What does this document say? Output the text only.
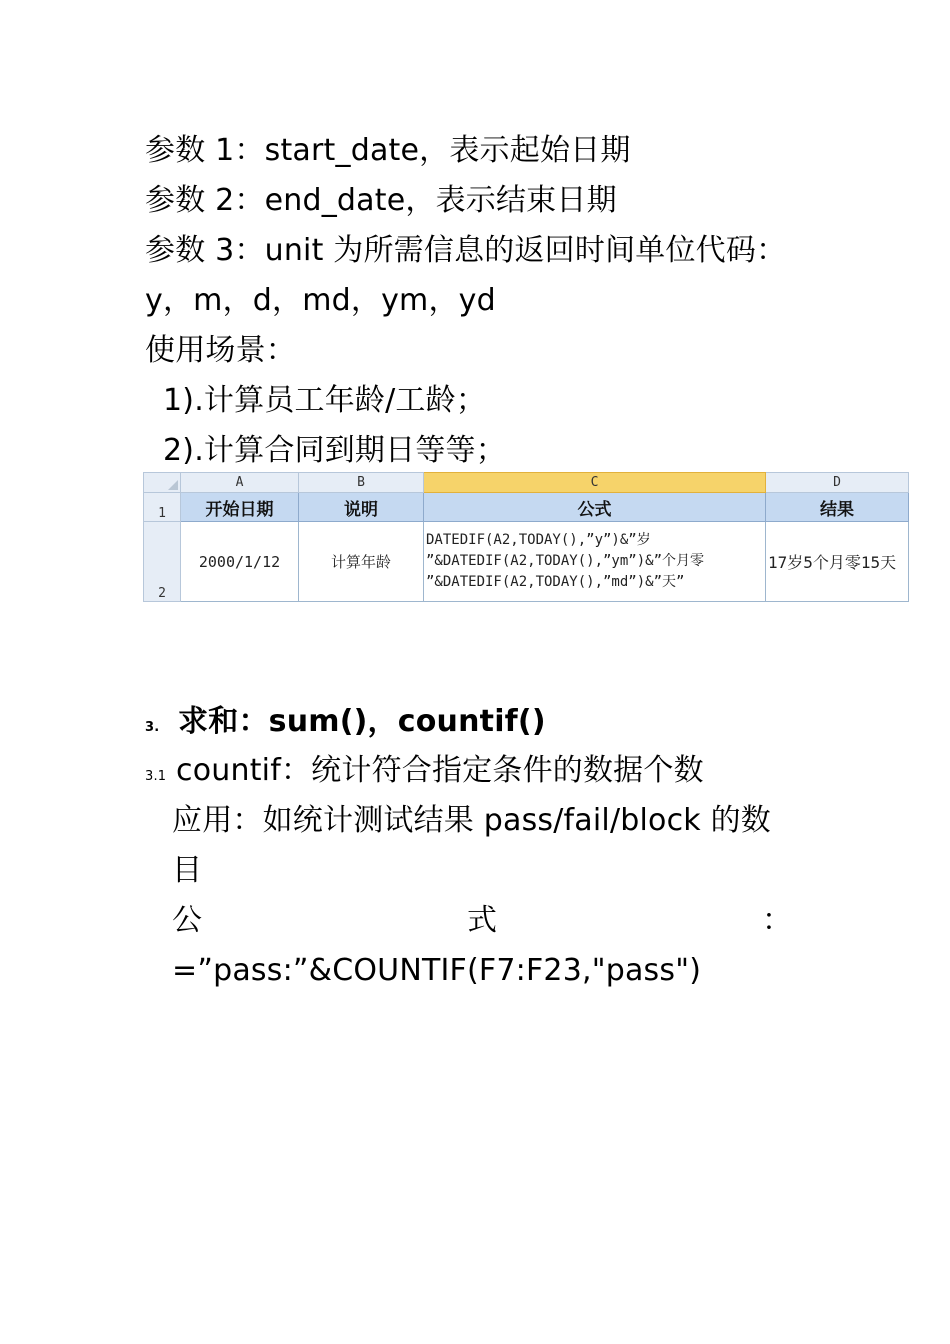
参数 1：start_date，表示起始日期
参数 2：end_date，表示结束日期
参数 3：unit 为所需信息的返回时间单位代码：
y，m，d，md，ym，yd
使用场景：
1).计算员工年龄/工龄；
2).计算合同到期日等等；
	A	B	C	D
1	开始日期	说明	公式	结果
2	2000/1/12	计算年龄	DATEDIF(A2,TODAY(),”y”)&”岁
”&DATEDIF(A2,TODAY(),”ym”)&”个月零
”&DATEDIF(A2,TODAY(),”md”)&”天”	17岁5个月零15天
3. 求和：sum()，countif()
3.1 countif：统计符合指定条件的数据个数
应用：如统计测试结果 pass/fail/block 的数
目
公	式	：
=”pass:”&COUNTIF(F7:F23,"pass")
